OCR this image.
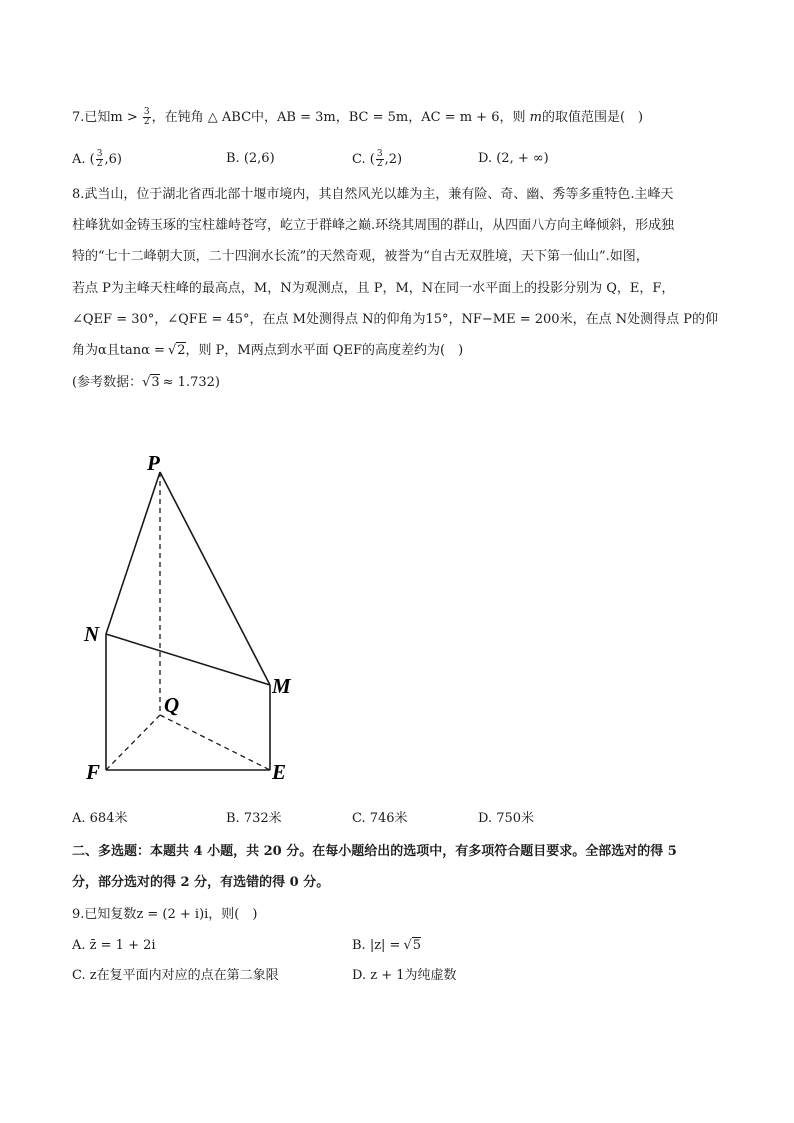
7.已知$m > \frac{3}{2}$ ，在钝角 △ ABC中，AB = 3m，BC = 5m，AC = m + 6，则 m的取值范围是(　)
A. ( $\frac{3}{2} ,6$)	B. (2,6)	C. ( $\frac{3}{2} ,2$)	D. (2, + ∞)
8.武当山，位于湖北省西北部十堰市境内，其自然风光以雄为主，兼有险、奇、幽、秀等多重特色.主峰天
柱峰犹如金铸玉琢的宝柱雄峙苍穹，屹立于群峰之巅.环绕其周围的群山，从四面八方向主峰倾斜，形成独
特的“七十二峰朝大顶，二十四涧水长流”的天然奇观，被誉为“自古无双胜境，天下第一仙山”.如图，
若点 P为主峰天柱峰的最高点，M，N为观测点，且 P，M，N在同一水平面上的投影分别为 Q，E，F，
∠QEF = 30°，∠QFE = 45°，在点 M处测得点 N的仰角为15°，NF−ME = 200米，在点 N处测得点 P的仰
角为α且tanα = √2，则 P，M两点到水平面 QEF的高度差约为(　)
(参考数据：√3 ≈ 1.732)
P
N
M
Q
F	E
A. 684米	B. 732米	C. 746米	D. 750米
二、多选题：本题共 4 小题，共 20 分。在每小题给出的选项中，有多项符合题目要求。全部选对的得 5
分，部分选对的得 2 分，有选错的得 0 分。
9.已知复数z = (2 + i)i，则(　)
A. z̄ = 1 + 2i	B. |z| = √5
C. z在复平面内对应的点在第二象限	D. z + 1为纯虚数
